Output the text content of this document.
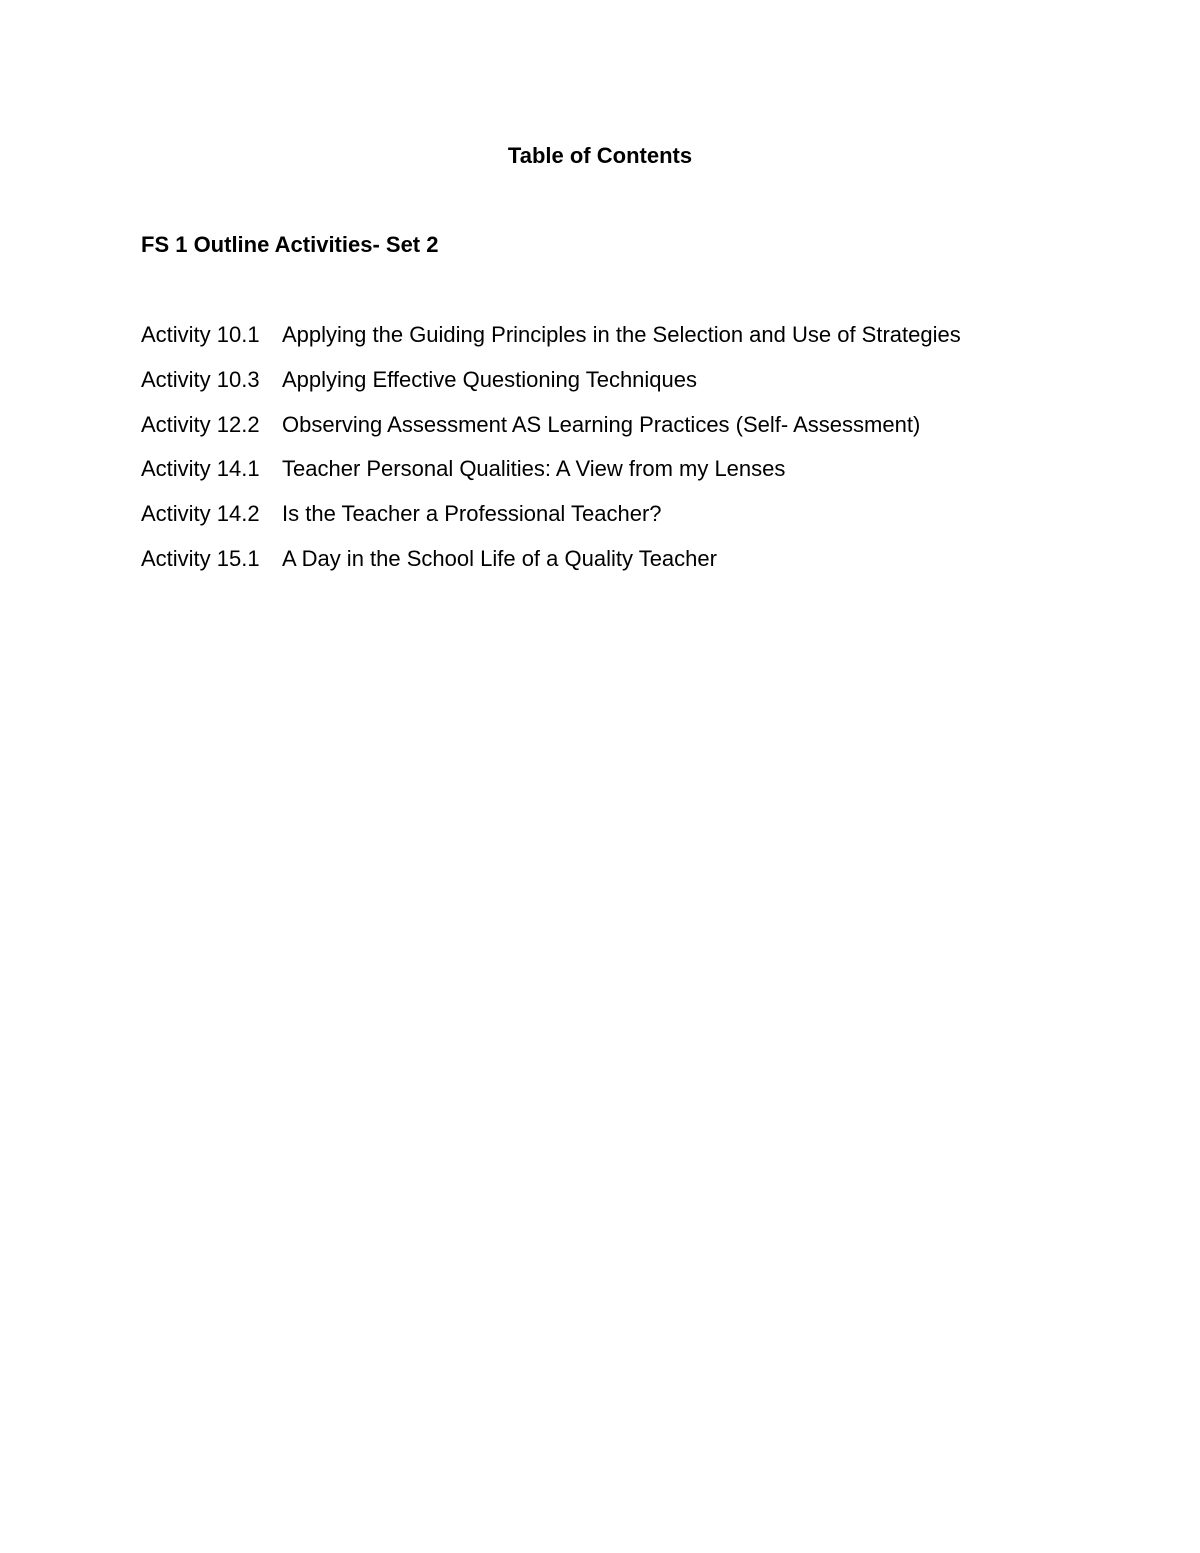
Table of Contents
FS 1 Outline Activities- Set 2
Activity 10.1 Applying the Guiding Principles in the Selection and Use of Strategies
Activity 10.3 Applying Effective Questioning Techniques
Activity 12.2 Observing Assessment AS Learning Practices (Self- Assessment)
Activity 14.1 Teacher Personal Qualities: A View from my Lenses
Activity 14.2 Is the Teacher a Professional Teacher?
Activity 15.1 A Day in the School Life of a Quality Teacher
